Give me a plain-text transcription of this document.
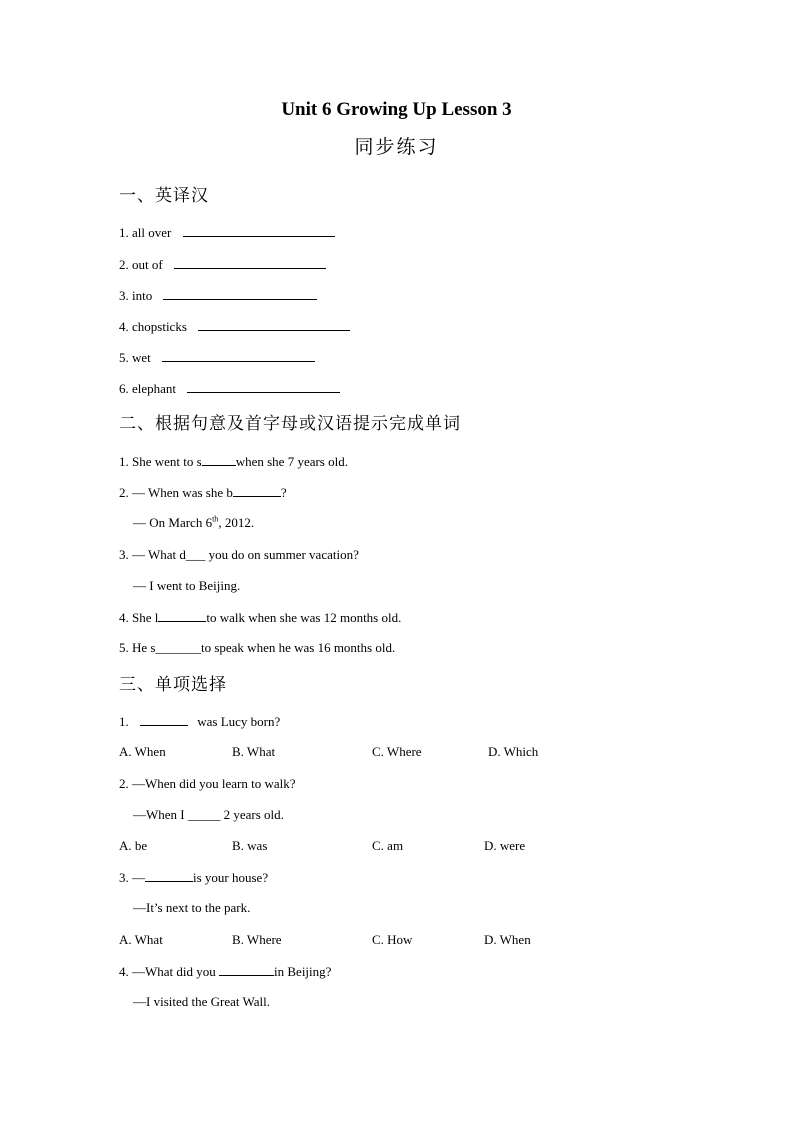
Unit 6 Growing Up Lesson 3
同步练习
一、英译汉
1. all over
2. out of
3. into
4. chopsticks
5. wet
6. elephant
二、根据句意及首字母或汉语提示完成单词
1. She went to s	when she 7 years old.
2. — When was she b	?
— On March 6th, 2012.
3. — What d___ you do on summer vacation?
— I went to Beijing.
4. She l	to walk when she was 12 months old.
5. He s_______to speak when he was 16 months old.
三、单项选择
1.	was Lucy born?
A. When	B. What	C. Where	D. Which
2. —When did you learn to walk?
—When I _____ 2 years old.
A. be	B. was	C. am	D. were
3. —	is your house?
—It’s next to the park.
A. What	B. Where	C. How	D. When
4. —What did you	in Beijing?
—I visited the Great Wall.
